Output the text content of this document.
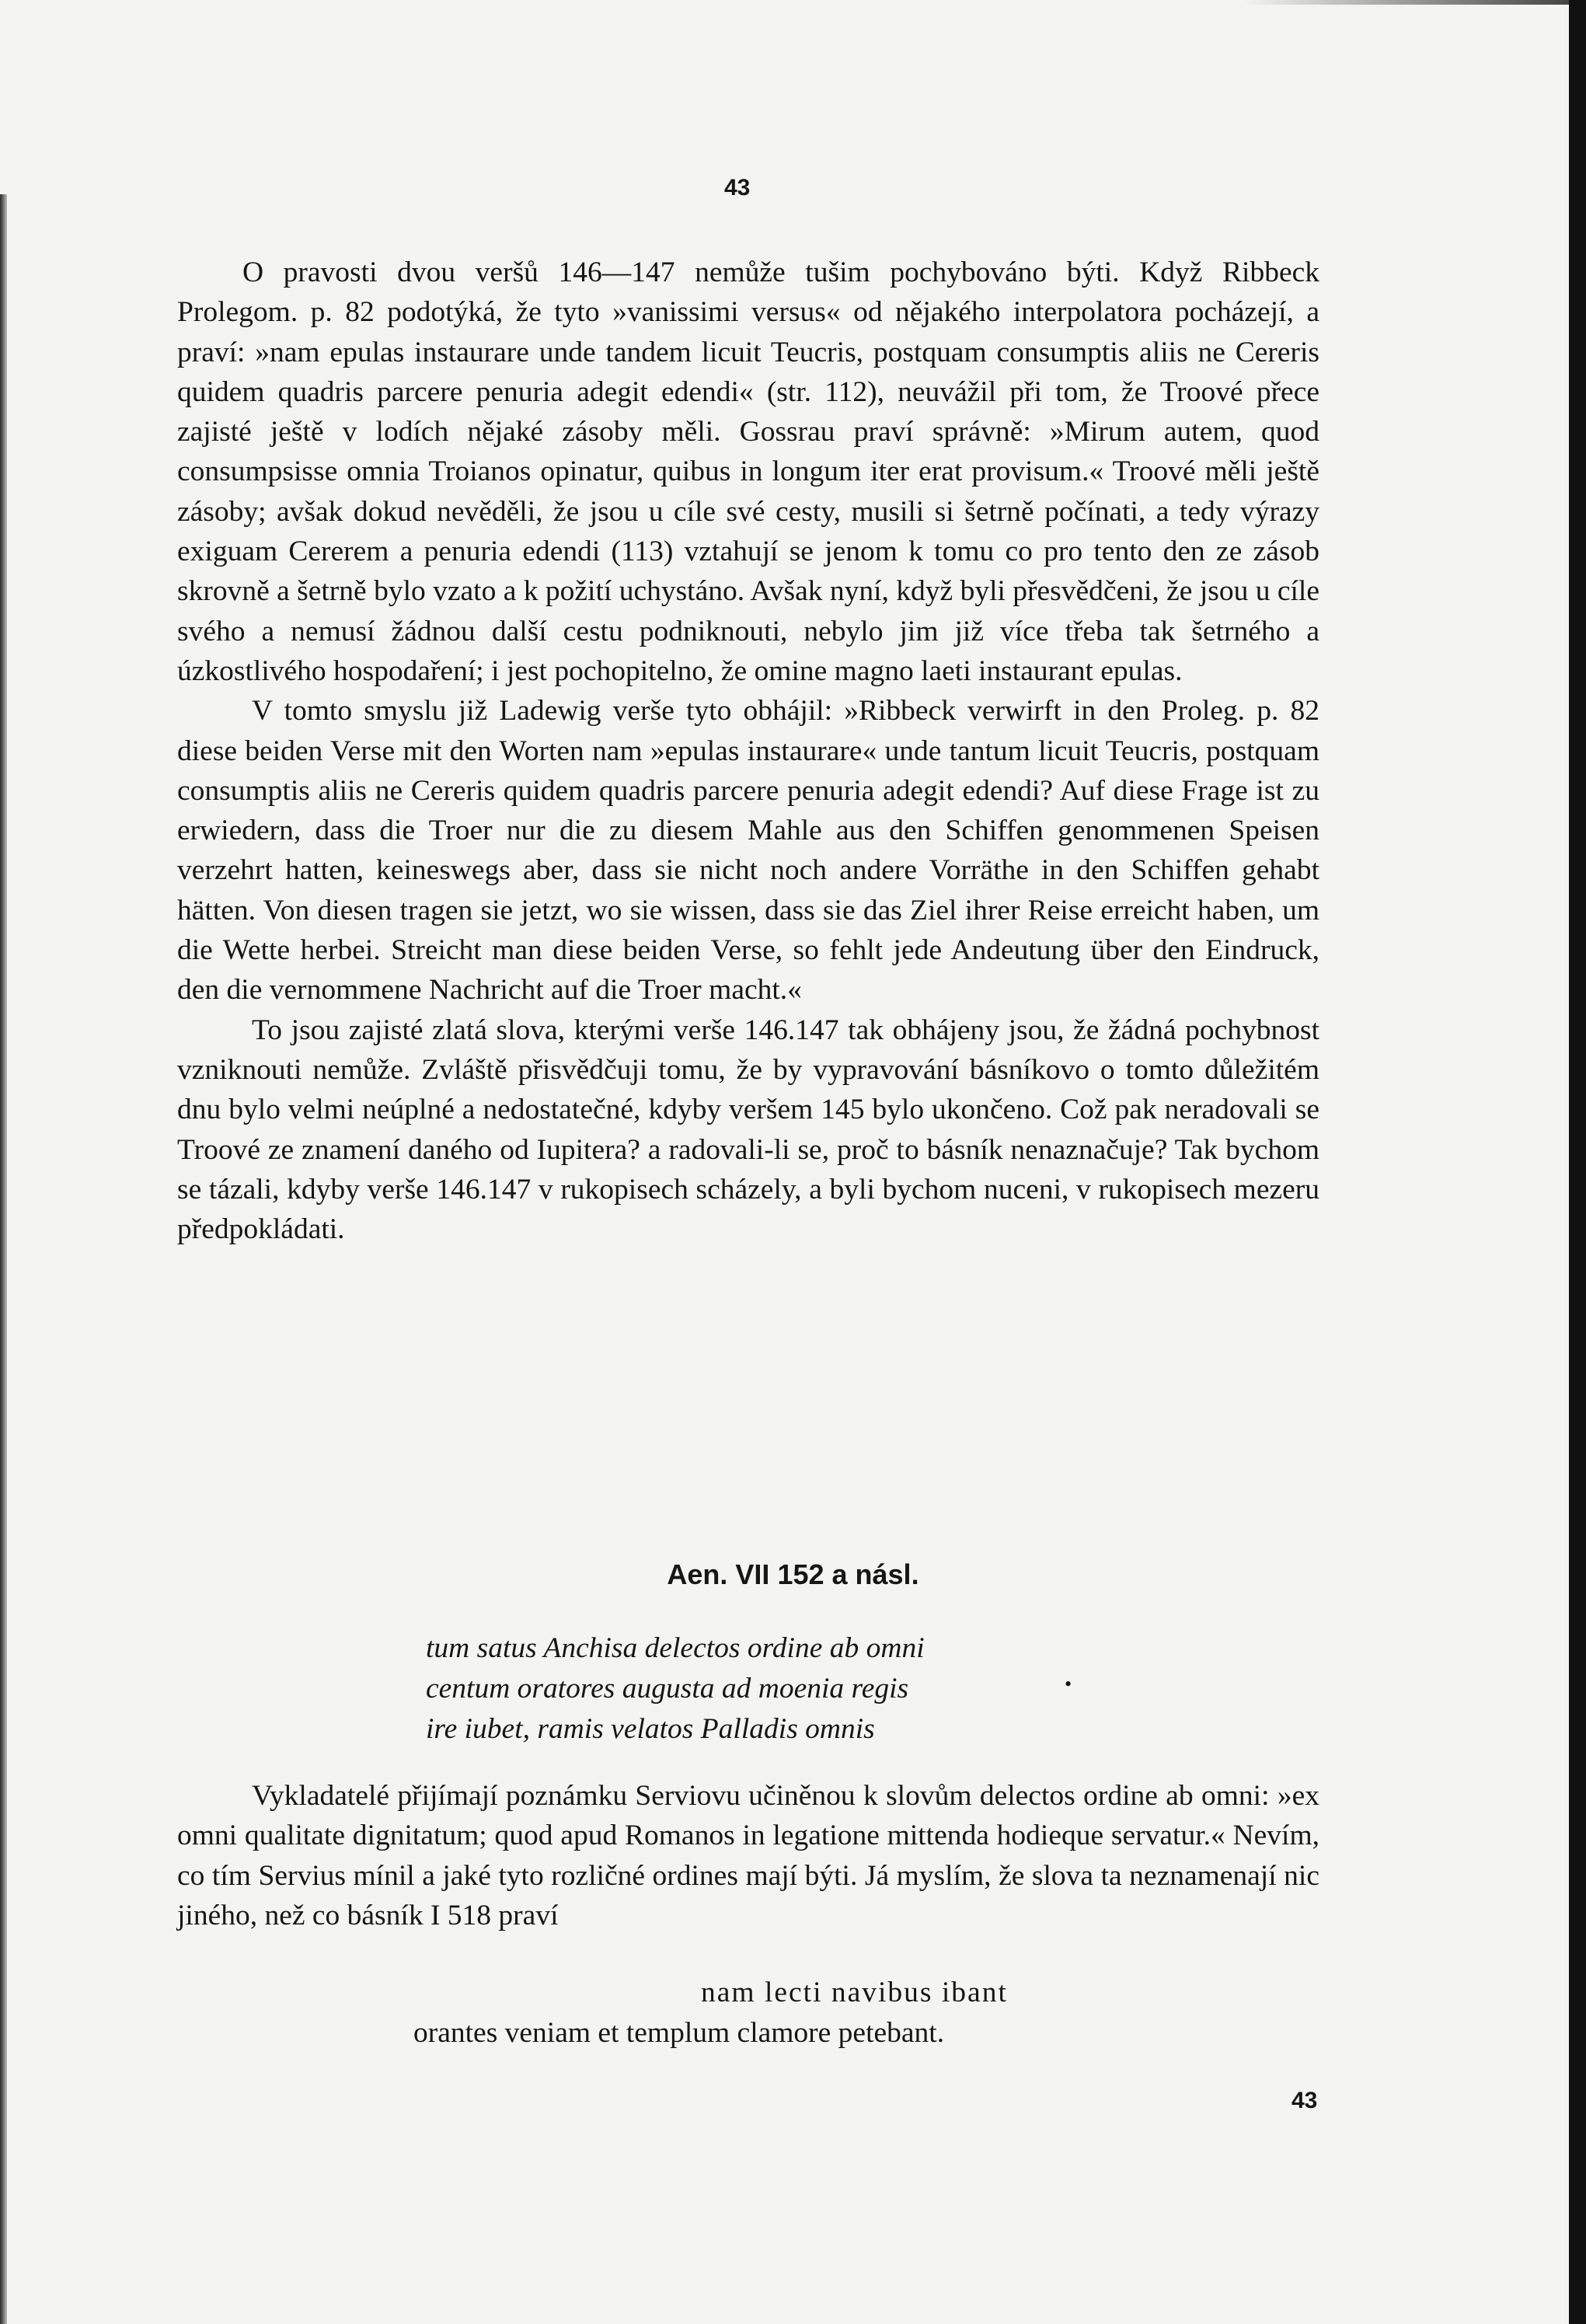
43

O pravosti dvou veršů 146—147 nemůže tušim pochybováno býti. Když Ribbeck Prolegom. p. 82 podotýká, že tyto »vanissimi versus« od nějakého interpolatora pocházejí, a praví: »nam epulas instaurare unde tandem licuit Teucris, postquam consumptis aliis ne Cereris quidem quadris parcere penuria adegit edendi« (str. 112), neuvážil při tom, že Troové přece zajisté ještě v lodích nějaké zásoby měli. Gossrau praví správně: »Mirum autem, quod consumpsisse omnia Troianos opinatur, quibus in longum iter erat provisum.« Troové měli ještě zásoby; avšak dokud nevěděli, že jsou u cíle své cesty, musili si šetrně počínati, a tedy výrazy exiguam Cererem a penuria edendi (113) vztahují se jenom k tomu co pro tento den ze zásob skrovně a šetrně bylo vzato a k požití uchystáno. Avšak nyní, když byli přesvědčeni, že jsou u cíle svého a nemusí žádnou další cestu podniknouti, nebylo jim již více třeba tak šetrného a úzkostlivého hospodaření; i jest pochopitelno, že omine magno laeti instaurant epulas.

V tomto smyslu již Ladewig verše tyto obhájil: »Ribbeck verwirft in den Proleg. p. 82 diese beiden Verse mit den Worten nam »epulas instaurare« unde tantum licuit Teucris, postquam consumptis aliis ne Cereris quidem quadris parcere penuria adegit edendi? Auf diese Frage ist zu erwiedern, dass die Troer nur die zu diesem Mahle aus den Schiffen genommenen Speisen verzehrt hatten, keineswegs aber, dass sie nicht noch andere Vorräthe in den Schiffen gehabt hätten. Von diesen tragen sie jetzt, wo sie wissen, dass sie das Ziel ihrer Reise erreicht haben, um die Wette herbei. Streicht man diese beiden Verse, so fehlt jede Andeutung über den Eindruck, den die vernommene Nachricht auf die Troer macht.«

To jsou zajisté zlatá slova, kterými verše 146.147 tak obhájeny jsou, že žádná pochybnost vzniknouti nemůže. Zvláště přisvědčuji tomu, že by vypravování básníkovo o tomto důležitém dnu bylo velmi neúplné a nedostatečné, kdyby veršem 145 bylo ukončeno. Což pak neradovali se Troové ze znamení daného od Iupitera? a radovali-li se, proč to básník nenaznačuje? Tak bychom se tázali, kdyby verše 146.147 v rukopisech scházely, a byli bychom nuceni, v rukopisech mezeru předpokládati.

Aen. VII 152 a násl.
tum satus Anchisa delectos ordine ab omni
centum oratores augusta ad moenia regis
ire iubet, ramis velatos Palladis omnis
•

Vykladatelé přijímají poznámku Serviovu učiněnou k slovům delectos ordine ab omni: »ex omni qualitate dignitatum; quod apud Romanos in legatione mittenda hodieque servatur.« Nevím, co tím Servius mínil a jaké tyto rozličné ordines mají býti. Já myslím, že slova ta neznamenají nic jiného, než co básník I 518 praví

nam lecti navibus ibant
orantes veniam et templum clamore petebant.
43
